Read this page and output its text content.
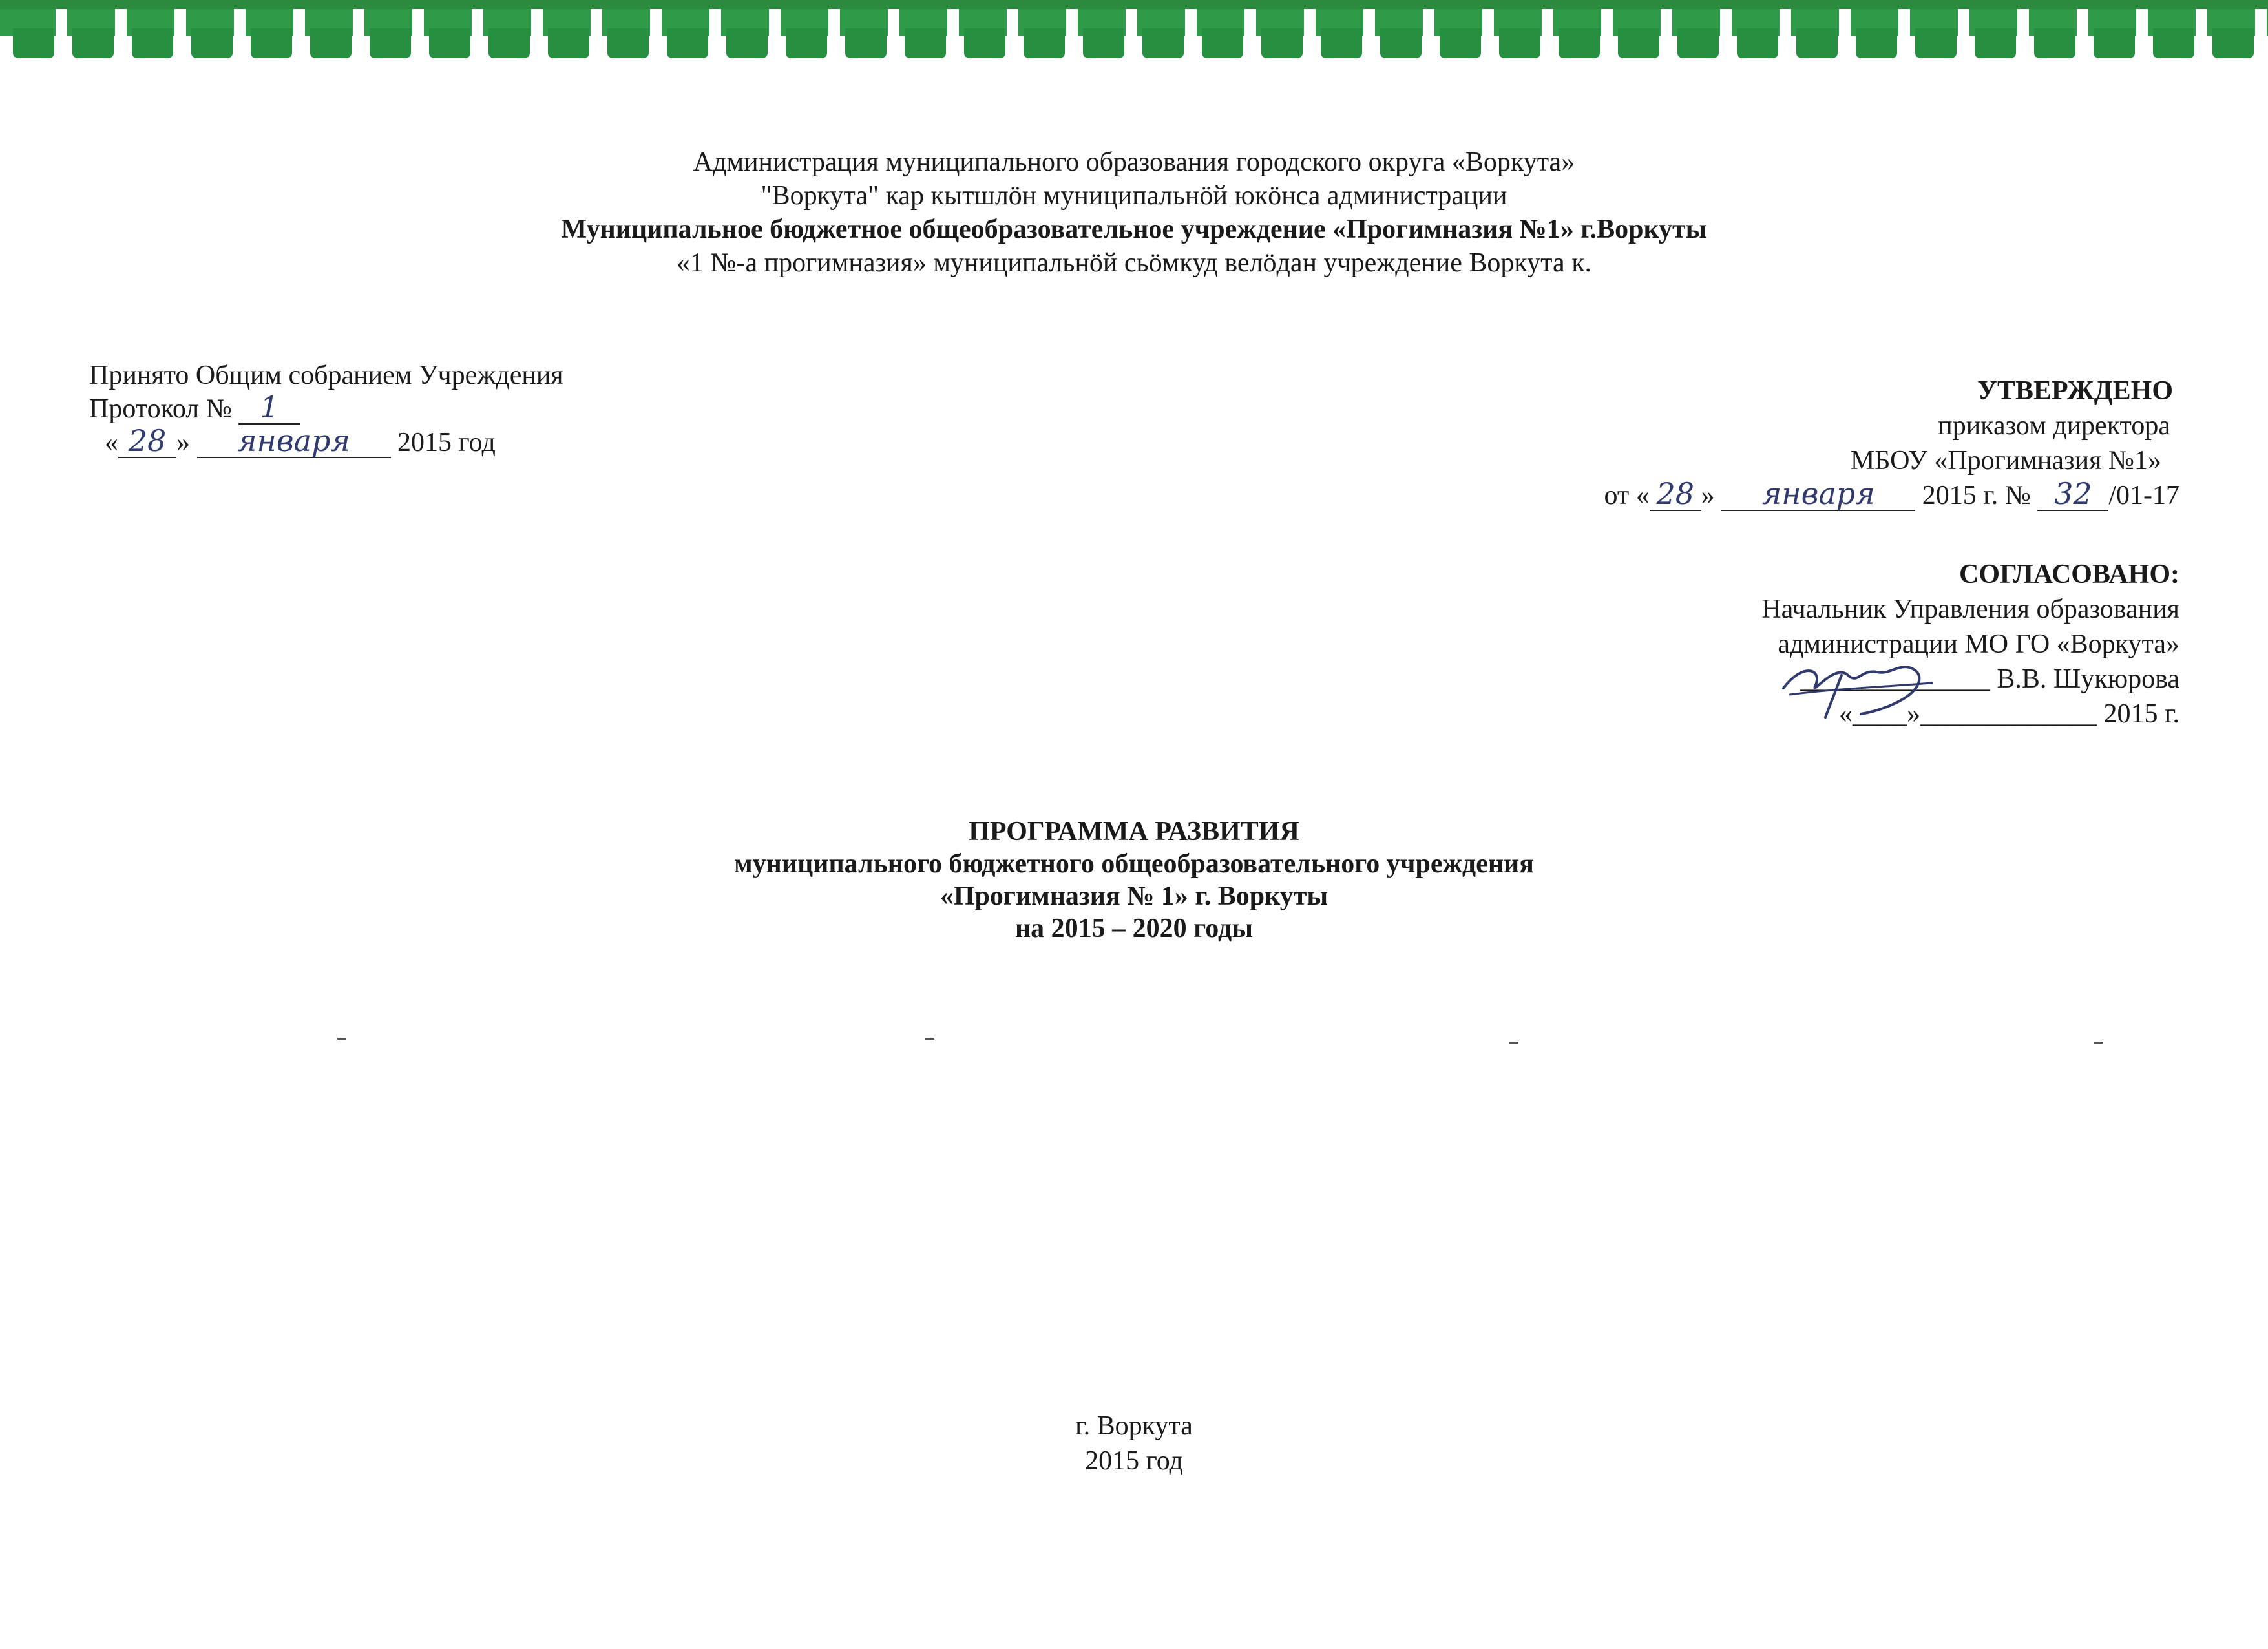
Администрация муниципального образования городского округа «Воркута»
"Воркута" кар кытшлӧн муниципальнӧй юкӧнса администрации
Муниципальное бюджетное общеобразовательное учреждение «Прогимназия №1» г.Воркуты
«1 №-а прогимназия» муниципальнӧй сьӧмкуд велӧдан учреждение Воркута к.
Принято Общим собранием Учреждения
Протокол № 1
« 28 » января 2015 год
УТВЕРЖДЕНО
приказом директора
МБОУ «Прогимназия №1»
от « 28 » января 2015 г. № 32 /01-17
СОГЛАСОВАНО:
Начальник Управления образования
администрации МО ГО «Воркута»
______________ В.В. Шукюрова
«____»_____________ 2015 г.
ПРОГРАММА РАЗВИТИЯ
муниципального бюджетного общеобразовательного учреждения
«Прогимназия № 1» г. Воркуты
на 2015 – 2020 годы
г. Воркута
2015 год
